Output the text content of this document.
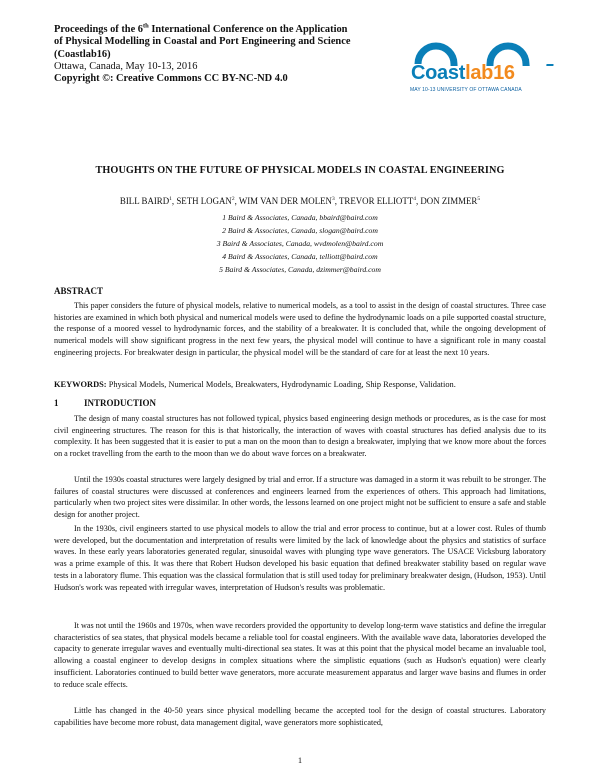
Proceedings of the 6th International Conference on the Application
of Physical Modelling in Coastal and Port Engineering and Science
(Coastlab16)
Ottawa, Canada, May 10-13, 2016
Copyright ©: Creative Commons CC BY-NC-ND 4.0	Coastlab16
MAY 10-13 UNIVERSITY OF OTTAWA CANADA
THOUGHTS ON THE FUTURE OF PHYSICAL MODELS IN COASTAL ENGINEERING
BILL BAIRD$^1$, SETH LOGAN$^2$, WIM VAN DER MOLEN$^3$, TREVOR ELLIOTT$^4$, DON ZIMMER$^5$
1 Baird & Associates, Canada, bbaird@baird.com
2 Baird & Associates, Canada, slogan@baird.com
3 Baird & Associates, Canada, wvdmolen@baird.com
4 Baird & Associates, Canada, telliott@baird.com
5 Baird & Associates, Canada, dzimmer@baird.com
ABSTRACT

This paper considers the future of physical models, relative to numerical models, as a tool to assist in the design of coastal structures. Three case histories are examined in which both physical and numerical models were used to define the hydrodynamic loads on a pile supported coastal structure, the response of a moored vessel to hydrodynamic forces, and the stability of a breakwater. It is concluded that, while the ongoing development of numerical models will show significant progress in the next few years, the physical model will continue to have a significant role in many coastal engineering projects. For breakwater design in particular, the physical model will be the standard of care for at least the next 10 years.

KEYWORDS: Physical Models, Numerical Models, Breakwaters, Hydrodynamic Loading, Ship Response, Validation.
1	INTRODUCTION

The design of many coastal structures has not followed typical, physics based engineering design methods or procedures, as is the case for most civil engineering structures. The reason for this is that historically, the interaction of waves with coastal structures has defied analysis due to its complexity. It has been suggested that it is easier to put a man on the moon than to design a breakwater, implying that we know more about the forces on a rocket travelling from the earth to the moon than we do about wave forces on a breakwater.

Until the 1930s coastal structures were largely designed by trial and error. If a structure was damaged in a storm it was rebuilt to be stronger. The failures of coastal structures were discussed at conferences and engineers learned from the experiences of others. This approach had limitations, particularly when two project sites were dissimilar. In other words, the lessons learned on one project might not be sufficient to ensure a safe and stable design for another project.

In the 1930s, civil engineers started to use physical models to allow the trial and error process to continue, but at a lower cost. Rules of thumb were developed, but the documentation and interpretation of results were limited by the lack of knowledge about the physics and statistics of surface waves. In these early years laboratories generated regular, sinusoidal waves with plunging type wave generators. The USACE Vicksburg laboratory was a prime example of this. It was there that Robert Hudson developed his basic equation that defined breakwater stability based on regular wave tests in a laboratory flume. This equation was the classical formulation that is still used today for preliminary breakwater design, (Hudson, 1953). Until Hudson's work was repeated with irregular waves, interpretation of Hudson's results was problematic.

It was not until the 1960s and 1970s, when wave recorders provided the opportunity to develop long-term wave statistics and define the irregular characteristics of sea states, that physical models became a reliable tool for coastal engineers. With the available wave data, laboratories developed the capacity to generate irregular waves and eventually multi-directional sea states. It was at this point that the physical model became an invaluable tool, allowing a coastal engineer to develop designs in complex situations where the simplistic equations (such as Hudson's equation) were clearly insufficient. Laboratories continued to build better wave generators, more accurate measurement apparatus and larger wave basins and flumes in order to reduce scale effects.

Little has changed in the 40-50 years since physical modelling became the accepted tool for the design of coastal structures. Laboratory capabilities have become more robust, data management digital, wave generators more sophisticated,

1
